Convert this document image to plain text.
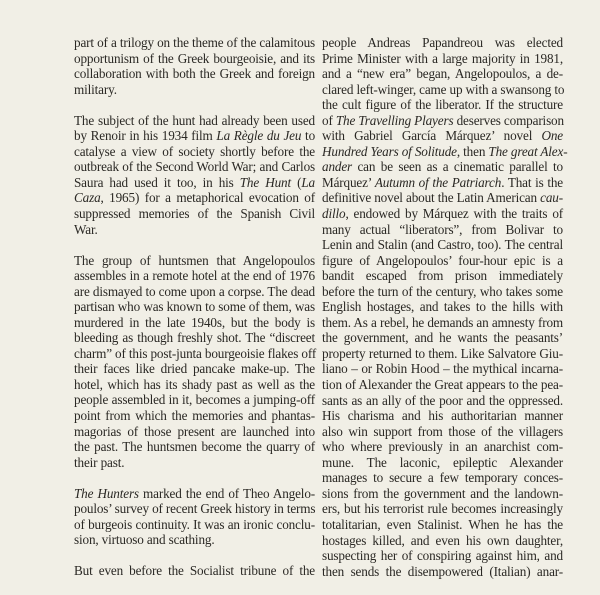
part of a trilogy on the theme of the calamitous
opportunism of the Greek bourgeoisie, and its
collaboration with both the Greek and foreign
military.

The subject of the hunt had already been used
by Renoir in his 1934 film La Règle du Jeu to
catalyse a view of society shortly before the
outbreak of the Second World War; and Carlos
Saura had used it too, in his The Hunt (La
Caza, 1965) for a metaphorical evocation of
suppressed memories of the Spanish Civil
War.

The group of huntsmen that Angelopoulos
assembles in a remote hotel at the end of 1976
are dismayed to come upon a corpse. The dead
partisan who was known to some of them, was
murdered in the late 1940s, but the body is
bleeding as though freshly shot. The “discreet
charm” of this post-junta bourgeoisie flakes off
their faces like dried pancake make-up. The
hotel, which has its shady past as well as the
people assembled in it, becomes a jumping-off
point from which the memories and phantas-
magorias of those present are launched into
the past. The huntsmen become the quarry of
their past.

The Hunters marked the end of Theo Angelo-
poulos’ survey of recent Greek history in terms
of burgeois continuity. It was an ironic conclu-
sion, virtuoso and scathing.

But even before the Socialist tribune of the

people Andreas Papandreou was elected
Prime Minister with a large majority in 1981,
and a “new era” began, Angelopoulos, a de-
clared left-winger, came up with a swansong to
the cult figure of the liberator. If the structure
of The Travelling Players deserves comparison
with Gabriel García Márquez’ novel One
Hundred Years of Solitude, then The great Alex-
ander can be seen as a cinematic parallel to
Márquez’ Autumn of the Patriarch. That is the
definitive novel about the Latin American cau-
dillo, endowed by Márquez with the traits of
many actual “liberators”, from Bolivar to
Lenin and Stalin (and Castro, too). The central
figure of Angelopoulos’ four-hour epic is a
bandit escaped from prison immediately
before the turn of the century, who takes some
English hostages, and takes to the hills with
them. As a rebel, he demands an amnesty from
the government, and he wants the peasants’
property returned to them. Like Salvatore Giu-
liano – or Robin Hood – the mythical incarna-
tion of Alexander the Great appears to the pea-
sants as an ally of the poor and the oppressed.
His charisma and his authoritarian manner
also win support from those of the villagers
who where previously in an anarchist com-
mune. The laconic, epileptic Alexander
manages to secure a few temporary conces-
sions from the government and the landown-
ers, but his terrorist rule becomes increasingly
totalitarian, even Stalinist. When he has the
hostages killed, and even his own daughter,
suspecting her of conspiring against him, and
then sends the disempowered (Italian) anar-
